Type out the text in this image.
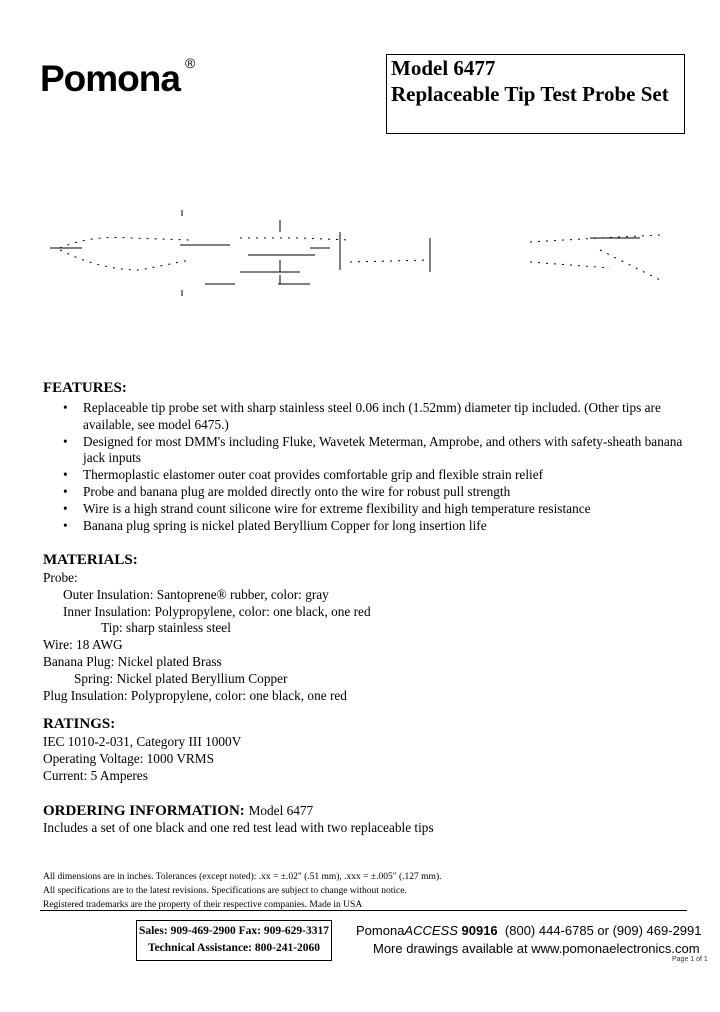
Pomona ®	Model 6477
Replaceable Tip Test Probe Set
FEATURES:
• Replaceable tip probe set with sharp stainless steel 0.06 inch (1.52mm) diameter tip included. (Other tips are available, see model 6475.)
• Designed for most DMM's including Fluke, Wavetek Meterman, Amprobe, and others with safety-sheath banana jack inputs
• Thermoplastic elastomer outer coat provides comfortable grip and flexible strain relief
• Probe and banana plug are molded directly onto the wire for robust pull strength
• Wire is a high strand count silicone wire for extreme flexibility and high temperature resistance
• Banana plug spring is nickel plated Beryllium Copper for long insertion life
MATERIALS:
Probe:
Outer Insulation: Santoprene® rubber, color: gray
Inner Insulation: Polypropylene, color: one black, one red
Tip: sharp stainless steel
Wire: 18 AWG
Banana Plug: Nickel plated Brass
Spring: Nickel plated Beryllium Copper
Plug Insulation: Polypropylene, color: one black, one red
RATINGS:
IEC 1010-2-031, Category III 1000V
Operating Voltage: 1000 VRMS
Current: 5 Amperes
ORDERING INFORMATION: Model 6477
Includes a set of one black and one red test lead with two replaceable tips
All dimensions are in inches. Tolerances (except noted): .xx = ±.02" (.51 mm), .xxx = ±.005" (.127 mm).
All specifications are to the latest revisions. Specifications are subject to change without notice.
Registered trademarks are the property of their respective companies. Made in USA
Sales: 909-469-2900 Fax: 909-629-3317
Technical Assistance: 800-241-2060
PomonaACCESS 90916 (800) 444-6785 or (909) 469-2991
More drawings available at www.pomonaelectronics.com
Page 1 of 1
